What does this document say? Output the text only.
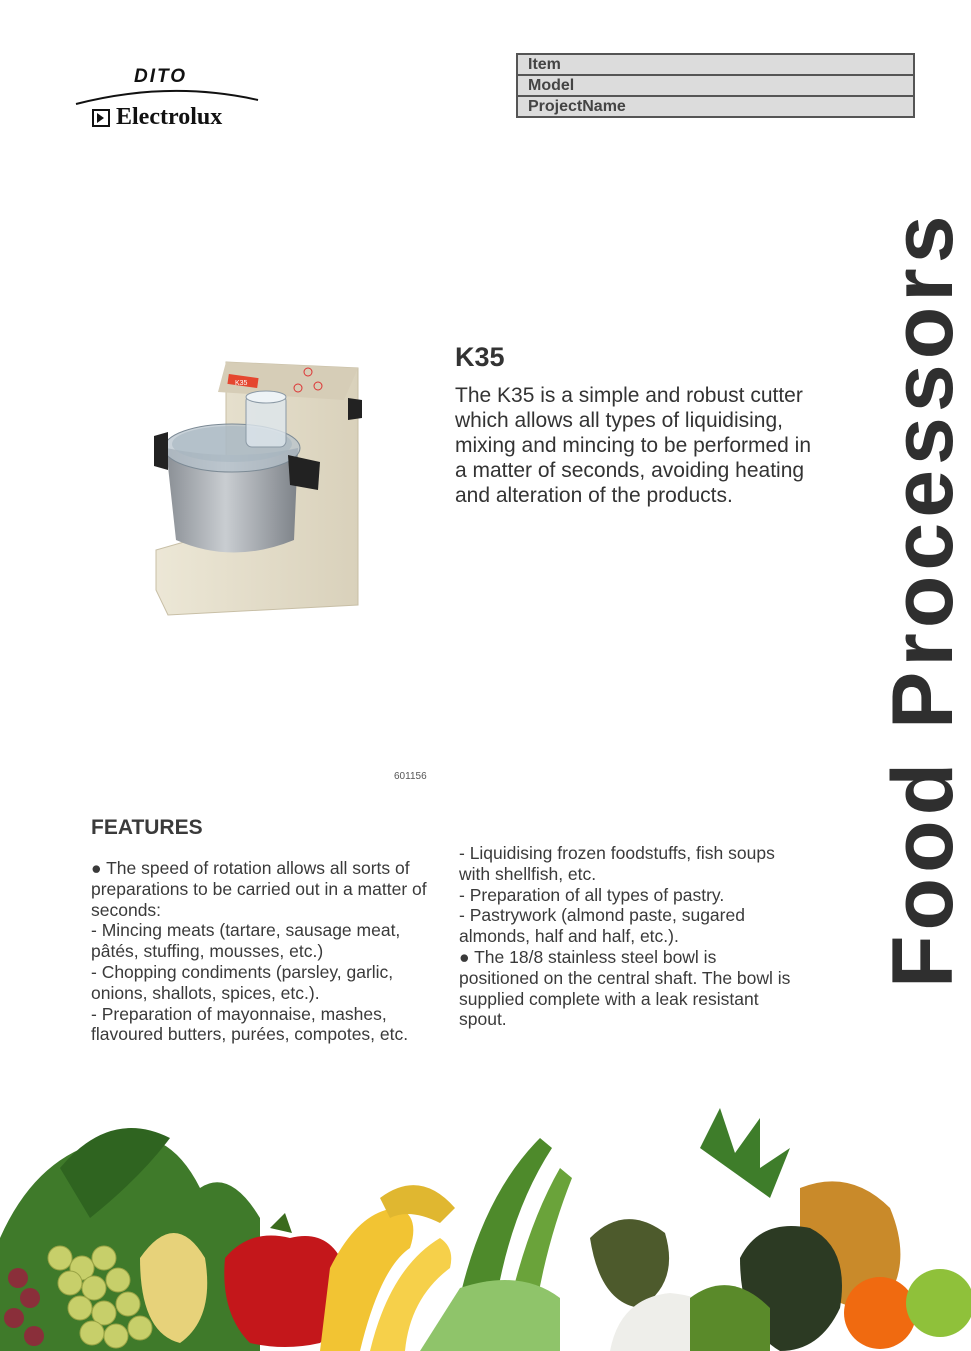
DITO
Electrolux
Item
Model
ProjectName
K35
601156
K35
The K35 is a simple and robust cutter which allows all types of liquidising, mixing and mincing to be performed in a matter of seconds, avoiding heating and alteration of the products.	Food Processors
FEATURES

● The speed of rotation allows all sorts of preparations to be carried out in a matter of seconds:

- Mincing meats (tartare, sausage meat, pâtés, stuffing, mousses, etc.)

- Chopping condiments (parsley, garlic, onions, shallots, spices, etc.).

- Preparation of mayonnaise, mashes, flavoured butters, purées, compotes, etc.

- Liquidising frozen foodstuffs, fish soups with shellfish, etc.

- Preparation of all types of pastry.

- Pastrywork (almond paste, sugared almonds, half and half, etc.).

● The 18/8 stainless steel bowl is positioned on the central shaft. The bowl is supplied complete with a leak resistant spout.
